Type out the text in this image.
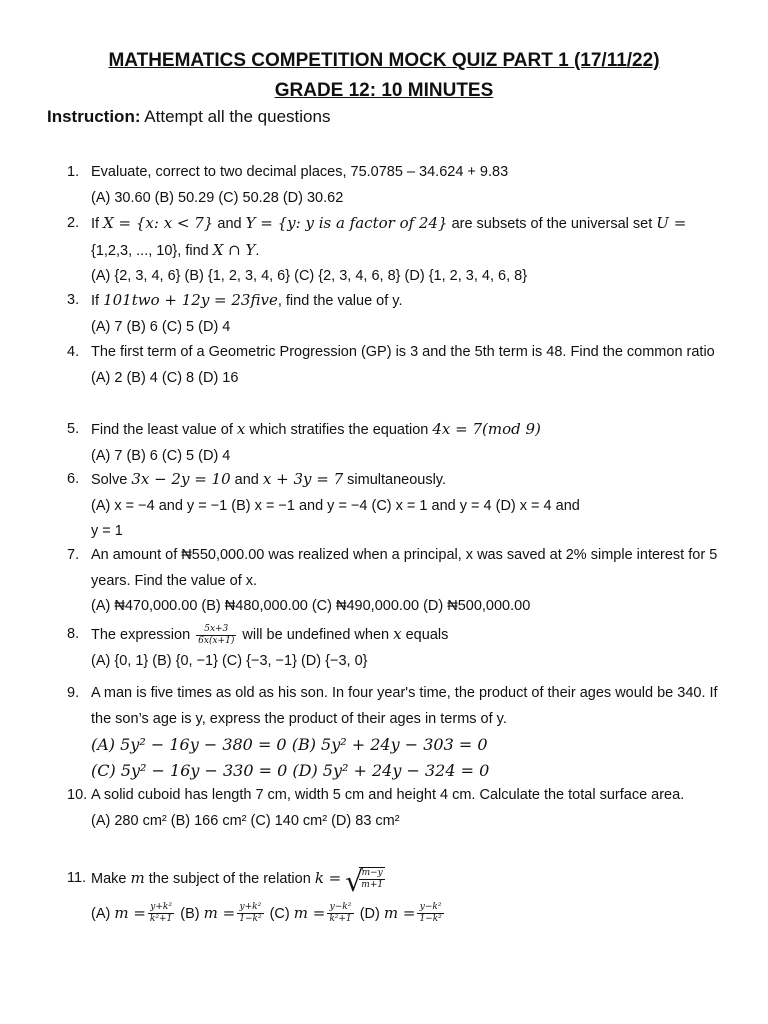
MATHEMATICS COMPETITION MOCK QUIZ PART 1 (17/11/22)
GRADE 12: 10 MINUTES
Instruction: Attempt all the questions
1. Evaluate, correct to two decimal places, 75.0785 – 34.624 + 9.83
(A) 30.60 (B) 50.29 (C) 50.28 (D) 30.62
2. If X = {x: x < 7} and Y = {y: y is a factor of 24} are subsets of the universal set U =
{1,2,3, ..., 10}, find X ∩ Y.
(A) {2, 3, 4, 6} (B) {1, 2, 3, 4, 6} (C) {2, 3, 4, 6, 8} (D) {1, 2, 3, 4, 6, 8}
3. If 101two + 12y = 23five, find the value of y.
(A) 7 (B) 6 (C) 5 (D) 4
4. The first term of a Geometric Progression (GP) is 3 and the 5th term is 48. Find the common ratio
(A) 2 (B) 4 (C) 8 (D) 16
5. Find the least value of x which stratifies the equation 4x = 7(mod 9)
(A) 7 (B) 6 (C) 5 (D) 4
6. Solve 3x − 2y = 10 and x + 3y = 7 simultaneously.
(A) x = −4 and y = −1 (B) x = −1 and y = −4 (C) x = 1 and y = 4 (D) x = 4 and
y = 1
7. An amount of ₦550,000.00 was realized when a principal, x was saved at 2% simple interest for 5 years. Find the value of x.
(A) ₦470,000.00 (B) ₦480,000.00 (C) ₦490,000.00 (D) ₦500,000.00
8. The expression $\frac{5x+3}{6x(x+1)}$ will be undefined when x equals
(A) {0, 1} (B) {0, −1} (C) {−3, −1} (D) {−3, 0}
9. A man is five times as old as his son. In four year's time, the product of their ages would be 340. If the son’s age is y, express the product of their ages in terms of y.
(A) 5y² − 16y − 380 = 0 (B) 5y² + 24y − 303 = 0
(C) 5y² − 16y − 330 = 0 (D) 5y² + 24y − 324 = 0
10. A solid cuboid has length 7 cm, width 5 cm and height 4 cm. Calculate the total surface area.
(A) 280 cm² (B) 166 cm² (C) 140 cm² (D) 83 cm²
11. Make m the subject of the relation k = √
$\frac{m-y}{m+1}$
(A) $m = \frac{\text{y+k²}}{\text{k²+1}} (B) m = \frac{\text{y+k²}}{\text{1−k²}} (C) m = \frac{\text{y−k²}}{\text{k²+1}} (D) m = \frac{\text{y−k²}}{\text{1−k²}}$
